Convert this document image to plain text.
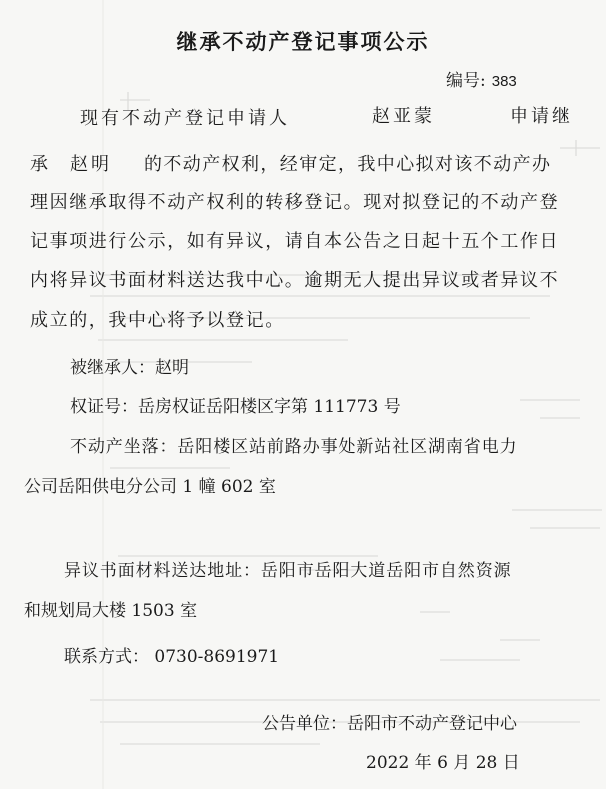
继承不动产登记事项公示
编号: 383
现有不动产登记申请人	赵亚蒙	申请继
承 赵明 的不动产权利，经审定，我中心拟对该不动产办
理因继承取得不动产权利的转移登记。现对拟登记的不动产登
记事项进行公示，如有异议，请自本公告之日起十五个工作日
内将异议书面材料送达我中心。逾期无人提出异议或者异议不
成立的，我中心将予以登记。
被继承人：赵明
权证号：岳房权证岳阳楼区字第 111773 号
不动产坐落：岳阳楼区站前路办事处新站社区湖南省电力
公司岳阳供电分公司 1 幢 602 室
异议书面材料送达地址：岳阳市岳阳大道岳阳市自然资源
和规划局大楼 1503 室
联系方式： 0730-8691971
公告单位：岳阳市不动产登记中心
2022 年 6 月 28 日
